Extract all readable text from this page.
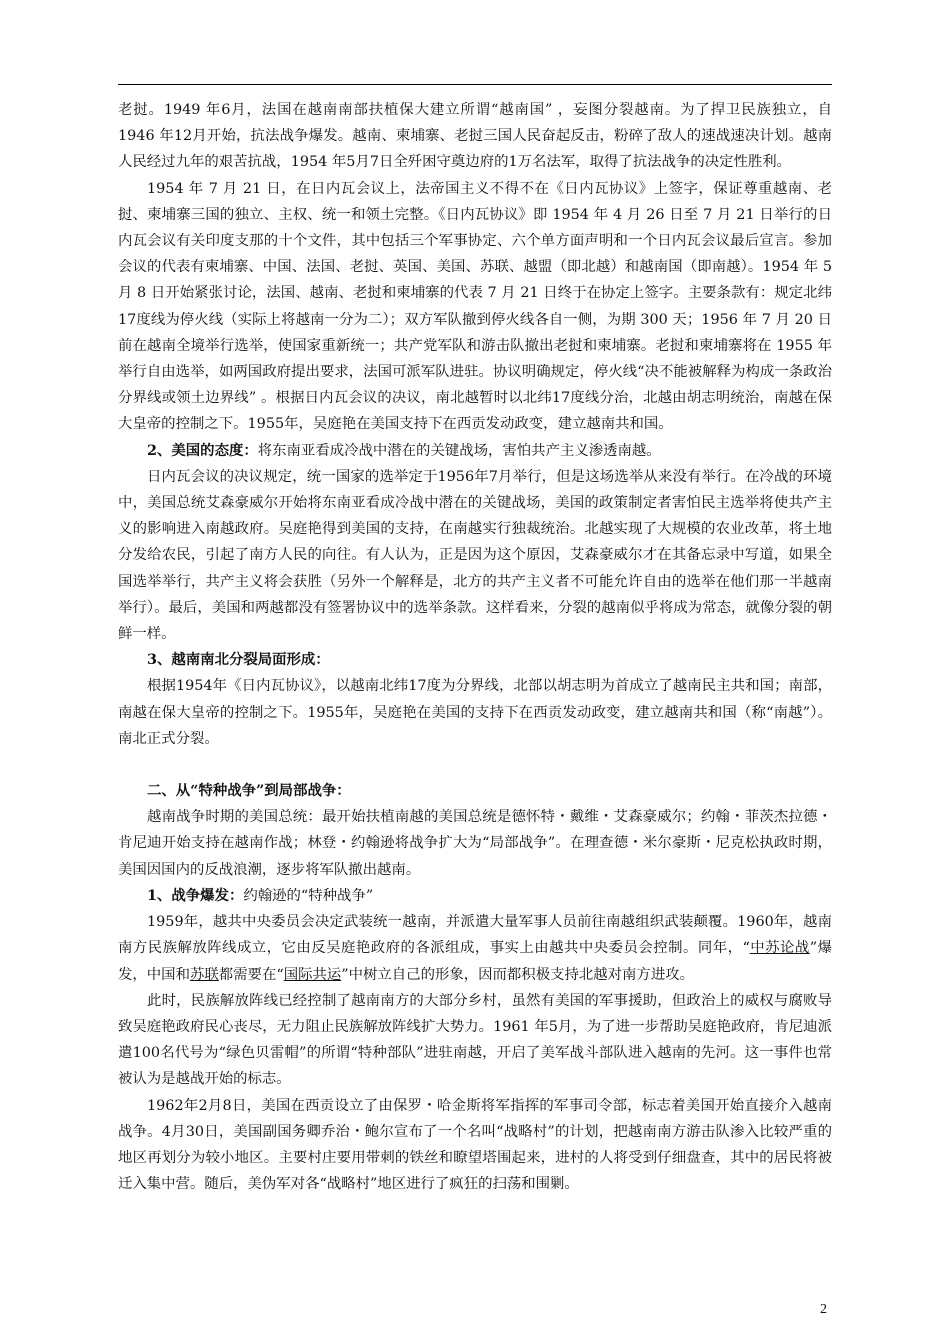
老挝。1949 年6月，法国在越南南部扶植保大建立所谓“越南国” ，妄图分裂越南。为了捍卫民族独立，自 1946 年12月开始，抗法战争爆发。越南、柬埔寨、老挝三国人民奋起反击，粉碎了敌人的速战速决计划。越南人民经过九年的艰苦抗战，1954 年5月7日全歼困守奠边府的1万名法军，取得了抗法战争的决定性胜利。

1954 年 7 月 21 日，在日内瓦会议上，法帝国主义不得不在《日内瓦协议》上签字，保证尊重越南、老挝、柬埔寨三国的独立、主权、统一和领土完整。《日内瓦协议》即 1954 年 4 月 26 日至 7 月 21 日举行的日内瓦会议有关印度支那的十个文件，其中包括三个军事协定、六个单方面声明和一个日内瓦会议最后宣言。参加会议的代表有柬埔寨、中国、法国、老挝、英国、美国、苏联、越盟（即北越）和越南国（即南越）。1954 年 5 月 8 日开始紧张讨论，法国、越南、老挝和柬埔寨的代表 7 月 21 日终于在协定上签字。主要条款有：规定北纬 17度线为停火线（实际上将越南一分为二）；双方军队撤到停火线各自一侧，为期 300 天；1956 年 7 月 20 日前在越南全境举行选举，使国家重新统一；共产党军队和游击队撤出老挝和柬埔寨。老挝和柬埔寨将在 1955 年举行自由选举，如两国政府提出要求，法国可派军队进驻。协议明确规定，停火线“决不能被解释为构成一条政治分界线或领土边界线” 。根据日内瓦会议的决议，南北越暂时以北纬17度线分治，北越由胡志明统治，南越在保大皇帝的控制之下。1955年，吴庭艳在美国支持下在西贡发动政变，建立越南共和国。

2、美国的态度：将东南亚看成冷战中潜在的关键战场，害怕共产主义渗透南越。

日内瓦会议的决议规定，统一国家的选举定于1956年7月举行，但是这场选举从来没有举行。在冷战的环境中，美国总统艾森豪威尔开始将东南亚看成冷战中潜在的关键战场，美国的政策制定者害怕民主选举将使共产主义的影响进入南越政府。吴庭艳得到美国的支持，在南越实行独裁统治。北越实现了大规模的农业改革，将土地分发给农民，引起了南方人民的向往。有人认为，正是因为这个原因，艾森豪威尔才在其备忘录中写道，如果全国选举举行，共产主义将会获胜（另外一个解释是，北方的共产主义者不可能允许自由的选举在他们那一半越南举行）。最后，美国和两越都没有签署协议中的选举条款。这样看来，分裂的越南似乎将成为常态，就像分裂的朝鲜一样。

3、越南南北分裂局面形成：

根据1954年《日内瓦协议》，以越南北纬17度为分界线，北部以胡志明为首成立了越南民主共和国；南部，南越在保大皇帝的控制之下。1955年，吴庭艳在美国的支持下在西贡发动政变，建立越南共和国（称“南越”）。南北正式分裂。

二、从“特种战争”到局部战争：

越南战争时期的美国总统：最开始扶植南越的美国总统是德怀特・戴维・艾森豪威尔；约翰・菲茨杰拉德・肯尼迪开始支持在越南作战；林登・约翰逊将战争扩大为“局部战争”。在理查德・米尔豪斯・尼克松执政时期，美国因国内的反战浪潮，逐步将军队撤出越南。

1、战争爆发：约翰逊的“特种战争”

1959年，越共中央委员会决定武装统一越南，并派遣大量军事人员前往南越组织武装颠覆。1960年，越南南方民族解放阵线成立，它由反吴庭艳政府的各派组成，事实上由越共中央委员会控制。同年，“中苏论战”爆发，中国和苏联都需要在“国际共运”中树立自己的形象，因而都积极支持北越对南方进攻。

此时，民族解放阵线已经控制了越南南方的大部分乡村，虽然有美国的军事援助，但政治上的威权与腐败导致吴庭艳政府民心丧尽，无力阻止民族解放阵线扩大势力。1961 年5月，为了进一步帮助吴庭艳政府，肯尼迪派遣100名代号为“绿色贝雷帽”的所谓“特种部队”进驻南越，开启了美军战斗部队进入越南的先河。这一事件也常被认为是越战开始的标志。

1962年2月8日，美国在西贡设立了由保罗・哈金斯将军指挥的军事司令部，标志着美国开始直接介入越南战争。4月30日，美国副国务卿乔治・鲍尔宣布了一个名叫“战略村”的计划，把越南南方游击队渗入比较严重的地区再划分为较小地区。主要村庄要用带刺的铁丝和瞭望塔围起来，进村的人将受到仔细盘查，其中的居民将被迁入集中营。随后，美伪军对各“战略村”地区进行了疯狂的扫荡和围剿。

2
